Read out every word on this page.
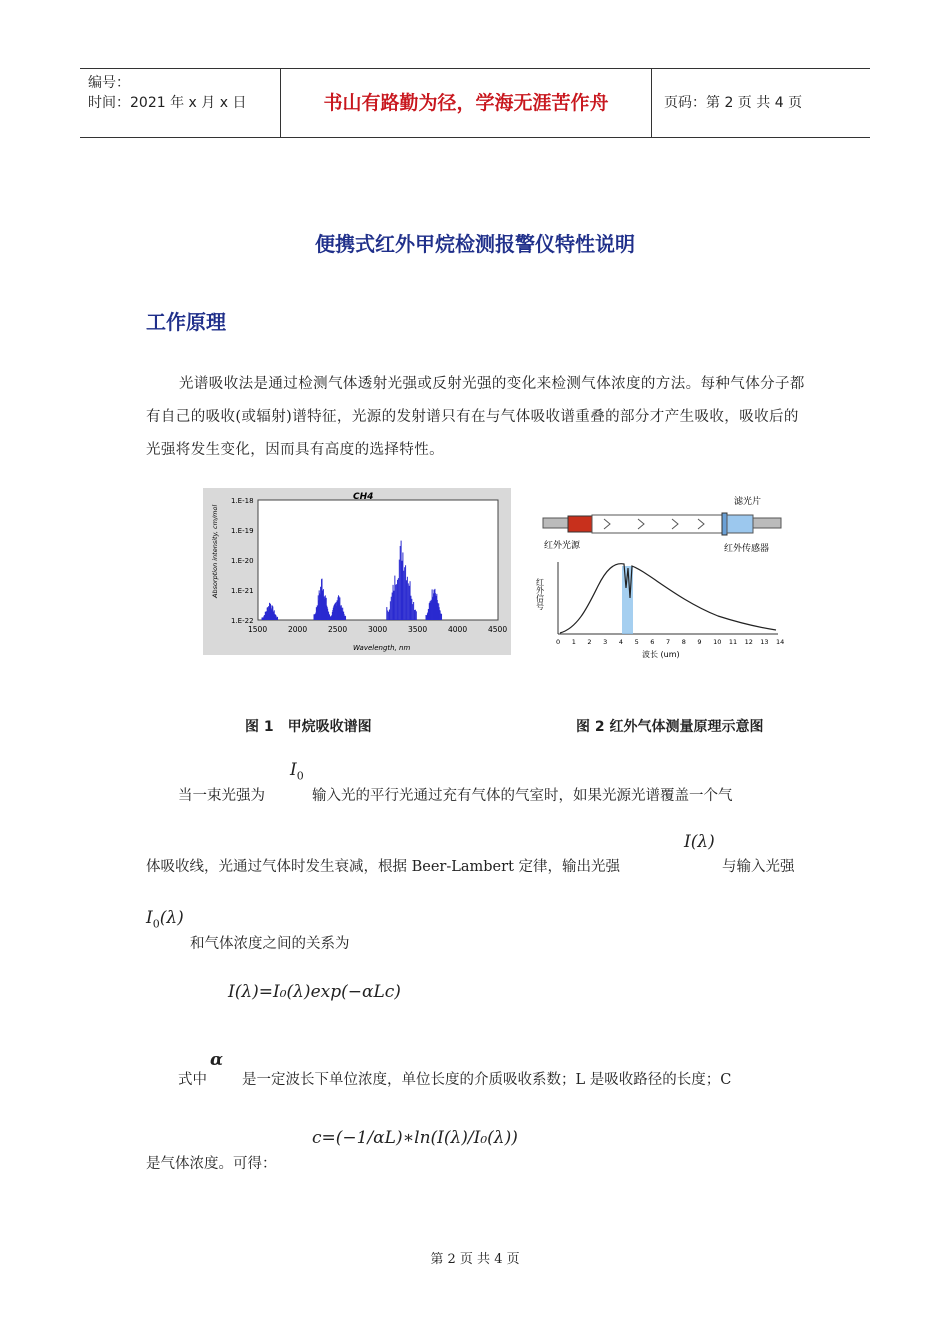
编号：
时间：2021 年 x 月 x 日	书山有路勤为径，学海无涯苦作舟	页码：第 2 页 共 4 页
便携式红外甲烷检测报警仪特性说明
工作原理
光谱吸收法是通过检测气体透射光强或反射光强的变化来检测气体浓度的方法。每种气体分子都有自己的吸收(或辐射)谱特征，光源的发射谱只有在与气体吸收谱重叠的部分才产生吸收，吸收后的光强将发生变化，因而具有高度的选择特性。
CH4
1.E-18
1.E-19
1.E-20
1.E-21
1.E-22
1500	2000	2500	3000	3500	4000	4500
Wavelength, nm
Absorption intensity, cm/mol
滤光片
红外光源	红外传感器
红外信号
0 1 2 3 4 5 6 7 8 9 10 11 12 13 14
波长 (um)
图 1　甲烷吸收谱图	图 2 红外气体测量原理示意图
当一束光强为
$I_0$
输入光的平行光通过充有气体的气室时，如果光源光谱覆盖一个气
体吸收线，光通过气体时发生衰减，根据 Beer-Lambert 定律，输出光强
I(λ)
与输入光强
$I_0(\lambda)$
和气体浓度之间的关系为
I(λ)=I₀(λ)exp(−αLc)
式中
α
是一定波长下单位浓度，单位长度的介质吸收系数；L 是吸收路径的长度；C
c=(−1/αL)∗ln(I(λ)/I₀(λ))
是气体浓度。可得：
第 2 页 共 4 页
